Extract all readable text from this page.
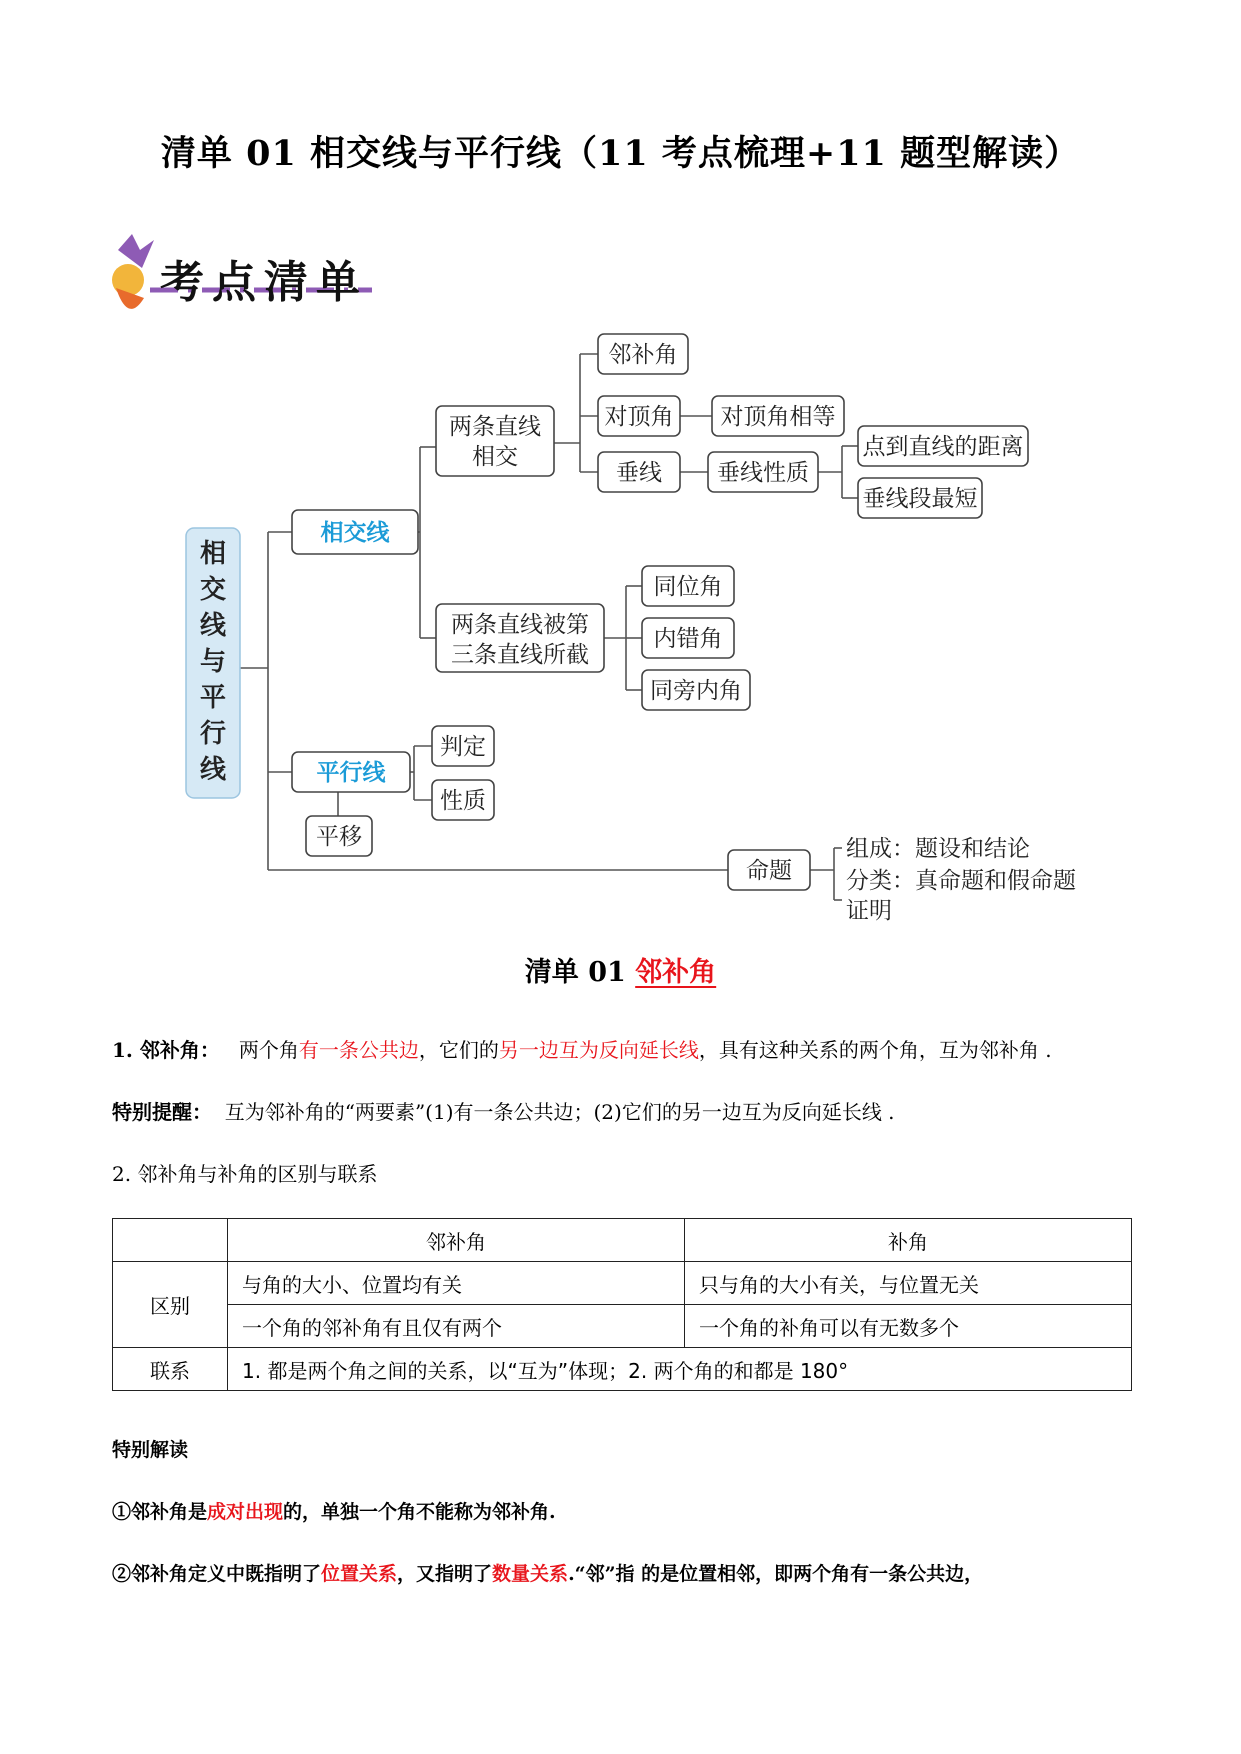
清单 01 相交线与平行线（11 考点梳理+11 题型解读）
考点清单
相交线与平行线
相交线
两条直线相交
邻补角
对顶角 对顶角相等
垂线 垂线性质
点到直线的距离
垂线段最短
两条直线被第
三条直线所截
同位角
内错角
同旁内角
平行线
判定
性质
平移
命题
组成：题设和结论
分类：真命题和假命题
证明
清单 01 邻补角
1. 邻补角： 两个角有一条公共边，它们的另一边互为反向延长线，具有这种关系的两个角，互为邻补角 .
特别提醒： 互为邻补角的“两要素”(1)有一条公共边；(2)它们的另一边互为反向延长线 .
2. 邻补角与补角的区别与联系
	邻补角	补角
区别	与角的大小、位置均有关	只与角的大小有关，与位置无关
	一个角的邻补角有且仅有两个	一个角的补角可以有无数多个
联系	1. 都是两个角之间的关系，以“互为”体现；2. 两个角的和都是 180°	
特别解读
①邻补角是成对出现的，单独一个角不能称为邻补角.
②邻补角定义中既指明了位置关系，又指明了数量关系.“邻”指 的是位置相邻，即两个角有一条公共边，
